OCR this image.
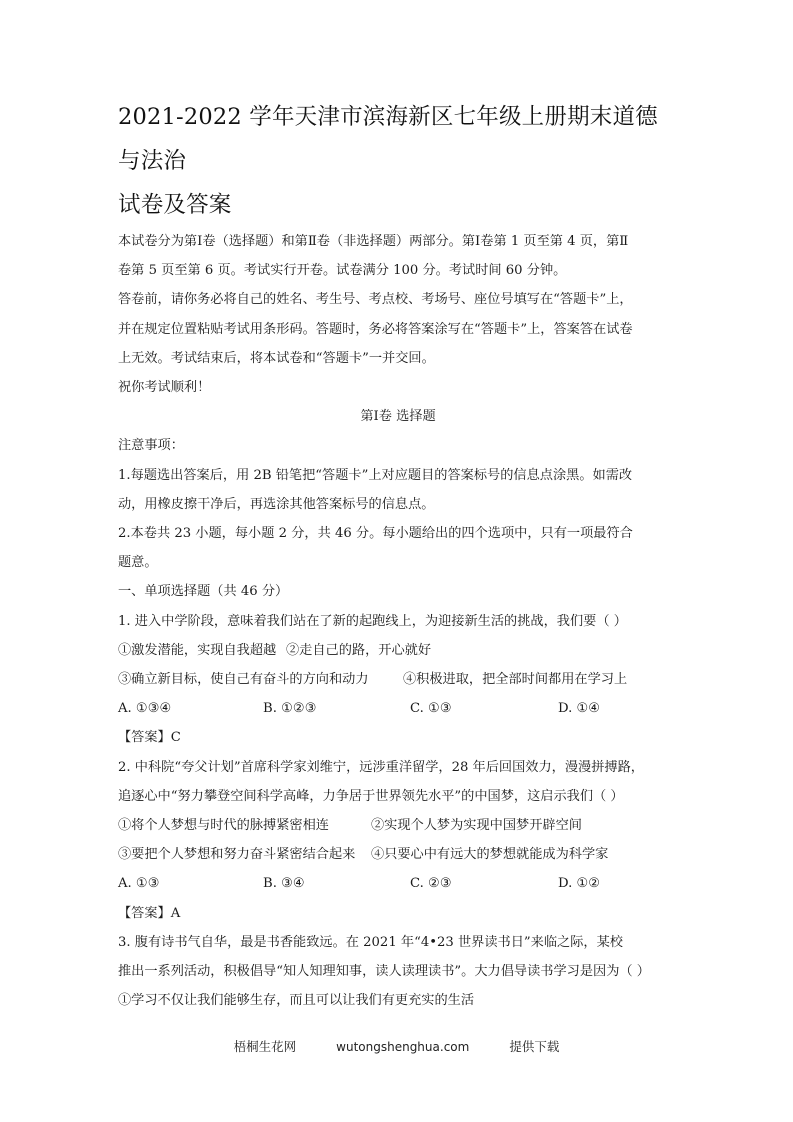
2021-2022 学年天津市滨海新区七年级上册期末道德与法治
试卷及答案

本试卷分为第Ⅰ卷（选择题）和第Ⅱ卷（非选择题）两部分。第Ⅰ卷第 1 页至第 4 页，第Ⅱ

卷第 5 页至第 6 页。考试实行开卷。试卷满分 100 分。考试时间 60 分钟。

答卷前，请你务必将自己的姓名、考生号、考点校、考场号、座位号填写在“答题卡”上，

并在规定位置粘贴考试用条形码。答题时，务必将答案涂写在“答题卡”上，答案答在试卷

上无效。考试结束后，将本试卷和“答题卡”一并交回。

祝你考试顺利！

第Ⅰ卷 选择题

注意事项：

1.每题选出答案后，用 2B 铅笔把“答题卡”上对应题目的答案标号的信息点涂黑。如需改

动，用橡皮擦干净后，再选涂其他答案标号的信息点。

2.本卷共 23 小题，每小题 2 分，共 46 分。每小题给出的四个选项中，只有一项最符合

题意。

一、单项选择题（共 46 分）

1. 进入中学阶段，意味着我们站在了新的起跑线上，为迎接新生活的挑战，我们要（ ）

①激发潜能，实现自我超越 ②走自己的路，开心就好
③确立新目标，使自己有奋斗的方向和动力	④积极进取，把全部时间都用在学习上
A. ①③④	B. ①②③	C. ①③	D. ①④

【答案】C

2. 中科院“夸父计划”首席科学家刘维宁，远涉重洋留学，28 年后回国效力，漫漫拼搏路，

追逐心中“努力攀登空间科学高峰，力争居于世界领先水平”的中国梦，这启示我们（ ）

①将个人梦想与时代的脉搏紧密相连	②实现个人梦为实现中国梦开辟空间
③要把个人梦想和努力奋斗紧密结合起来 ④只要心中有远大的梦想就能成为科学家
A. ①③	B. ③④	C. ②③	D. ①②

【答案】A

3. 腹有诗书气自华，最是书香能致远。在 2021 年“4•23 世界读书日”来临之际，某校

推出一系列活动，积极倡导“知人知理知事，读人读理读书”。大力倡导读书学习是因为（ ）

①学习不仅让我们能够生存，而且可以让我们有更充实的生活

梧桐生花网	wutongshenghua.com	提供下载
